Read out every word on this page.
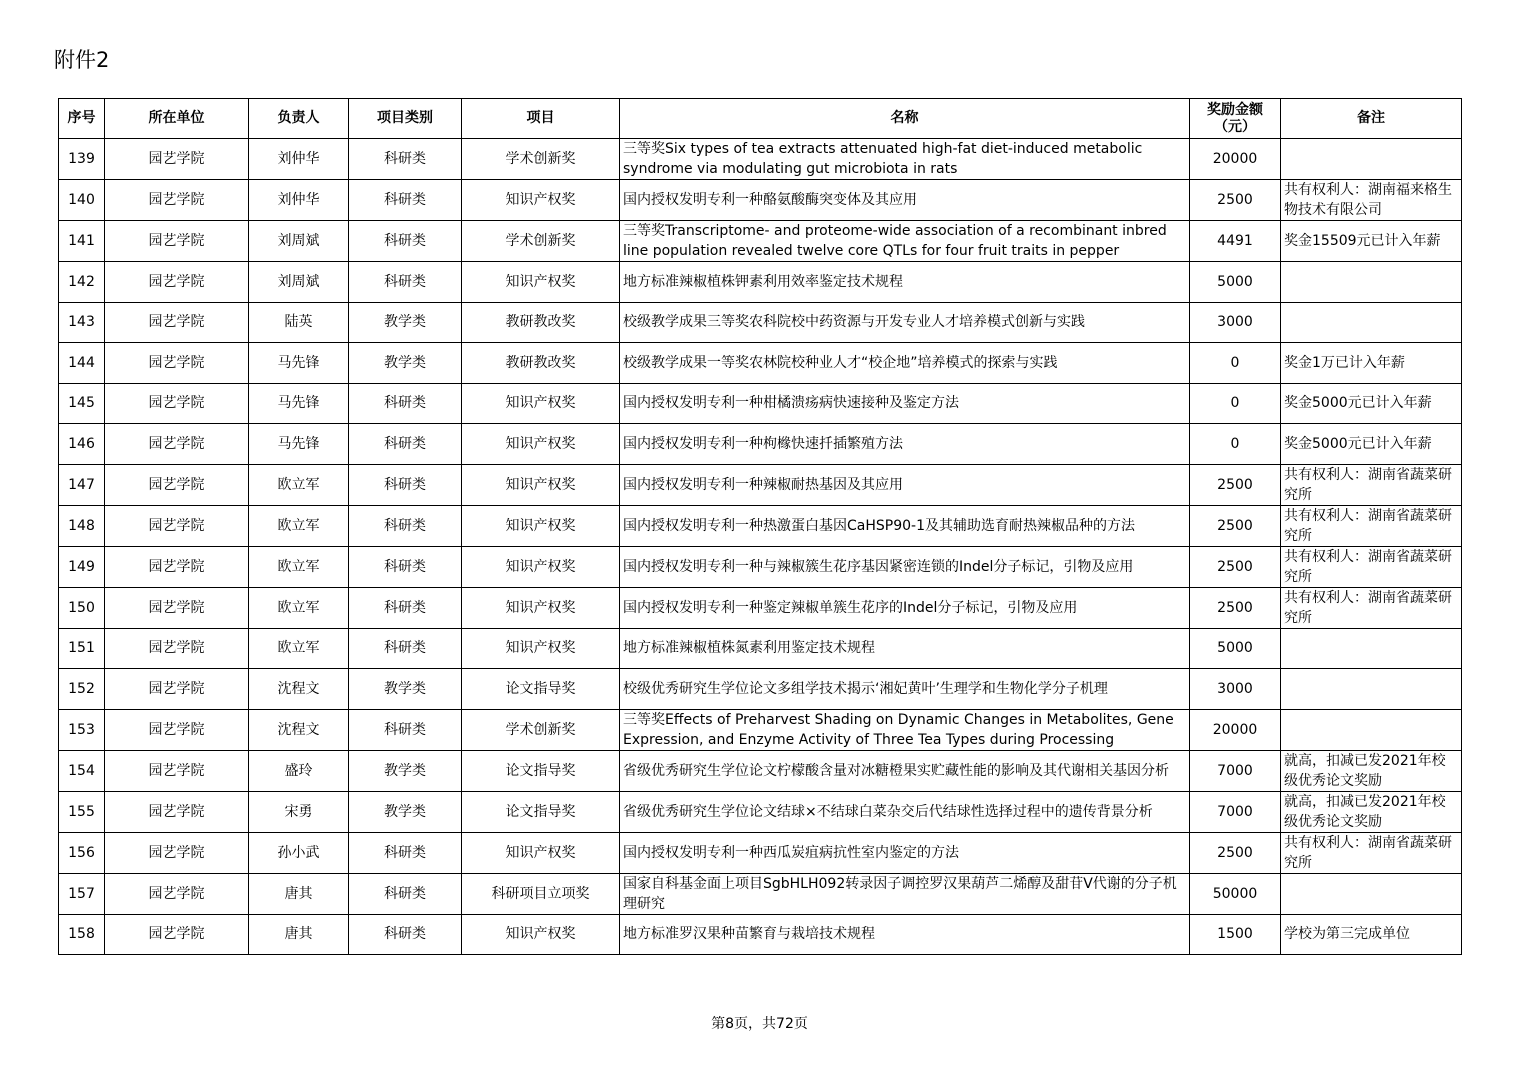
附件2
序号	所在单位	负责人	项目类别	项目	名称	奖励金额（元）	备注

139	园艺学院	刘仲华	科研类	学术创新奖	三等奖Six types of tea extracts attenuated high-fat diet-induced metabolic syndrome via modulating gut microbiota in rats	20000	

140	园艺学院	刘仲华	科研类	知识产权奖	国内授权发明专利一种酪氨酸酶突变体及其应用	2500	共有权利人：湖南福来格生物技术有限公司

141	园艺学院	刘周斌	科研类	学术创新奖	三等奖Transcriptome- and proteome-wide association of a recombinant inbred line population revealed twelve core QTLs for four fruit traits in pepper	4491	奖金15509元已计入年薪

142	园艺学院	刘周斌	科研类	知识产权奖	地方标准辣椒植株钾素利用效率鉴定技术规程	5000	

143	园艺学院	陆英	教学类	教研教改奖	校级教学成果三等奖农科院校中药资源与开发专业人才培养模式创新与实践	3000	

144	园艺学院	马先锋	教学类	教研教改奖	校级教学成果一等奖农林院校种业人才“校企地”培养模式的探索与实践	0	奖金1万已计入年薪

145	园艺学院	马先锋	科研类	知识产权奖	国内授权发明专利一种柑橘溃疡病快速接种及鉴定方法	0	奖金5000元已计入年薪

146	园艺学院	马先锋	科研类	知识产权奖	国内授权发明专利一种枸橼快速扦插繁殖方法	0	奖金5000元已计入年薪

147	园艺学院	欧立军	科研类	知识产权奖	国内授权发明专利一种辣椒耐热基因及其应用	2500	共有权利人：湖南省蔬菜研究所

148	园艺学院	欧立军	科研类	知识产权奖	国内授权发明专利一种热激蛋白基因CaHSP90-1及其辅助选育耐热辣椒品种的方法	2500	共有权利人：湖南省蔬菜研究所

149	园艺学院	欧立军	科研类	知识产权奖	国内授权发明专利一种与辣椒簇生花序基因紧密连锁的Indel分子标记，引物及应用	2500	共有权利人：湖南省蔬菜研究所

150	园艺学院	欧立军	科研类	知识产权奖	国内授权发明专利一种鉴定辣椒单簇生花序的Indel分子标记，引物及应用	2500	共有权利人：湖南省蔬菜研究所

151	园艺学院	欧立军	科研类	知识产权奖	地方标准辣椒植株氮素利用鉴定技术规程	5000	

152	园艺学院	沈程文	教学类	论文指导奖	校级优秀研究生学位论文多组学技术揭示‘湘妃黄叶’生理学和生物化学分子机理	3000	

153	园艺学院	沈程文	科研类	学术创新奖	三等奖Effects of Preharvest Shading on Dynamic Changes in Metabolites, Gene Expression, and Enzyme Activity of Three Tea Types during Processing	20000	

154	园艺学院	盛玲	教学类	论文指导奖	省级优秀研究生学位论文柠檬酸含量对冰糖橙果实贮藏性能的影响及其代谢相关基因分析	7000	就高，扣减已发2021年校级优秀论文奖励

155	园艺学院	宋勇	教学类	论文指导奖	省级优秀研究生学位论文结球×不结球白菜杂交后代结球性选择过程中的遗传背景分析	7000	就高，扣减已发2021年校级优秀论文奖励

156	园艺学院	孙小武	科研类	知识产权奖	国内授权发明专利一种西瓜炭疽病抗性室内鉴定的方法	2500	共有权利人：湖南省蔬菜研究所

157	园艺学院	唐其	科研类	科研项目立项奖	国家自科基金面上项目SgbHLH092转录因子调控罗汉果葫芦二烯醇及甜苷V代谢的分子机理研究	50000	

158	园艺学院	唐其	科研类	知识产权奖	地方标准罗汉果种苗繁育与栽培技术规程	1500	学校为第三完成单位
第8页，共72页
